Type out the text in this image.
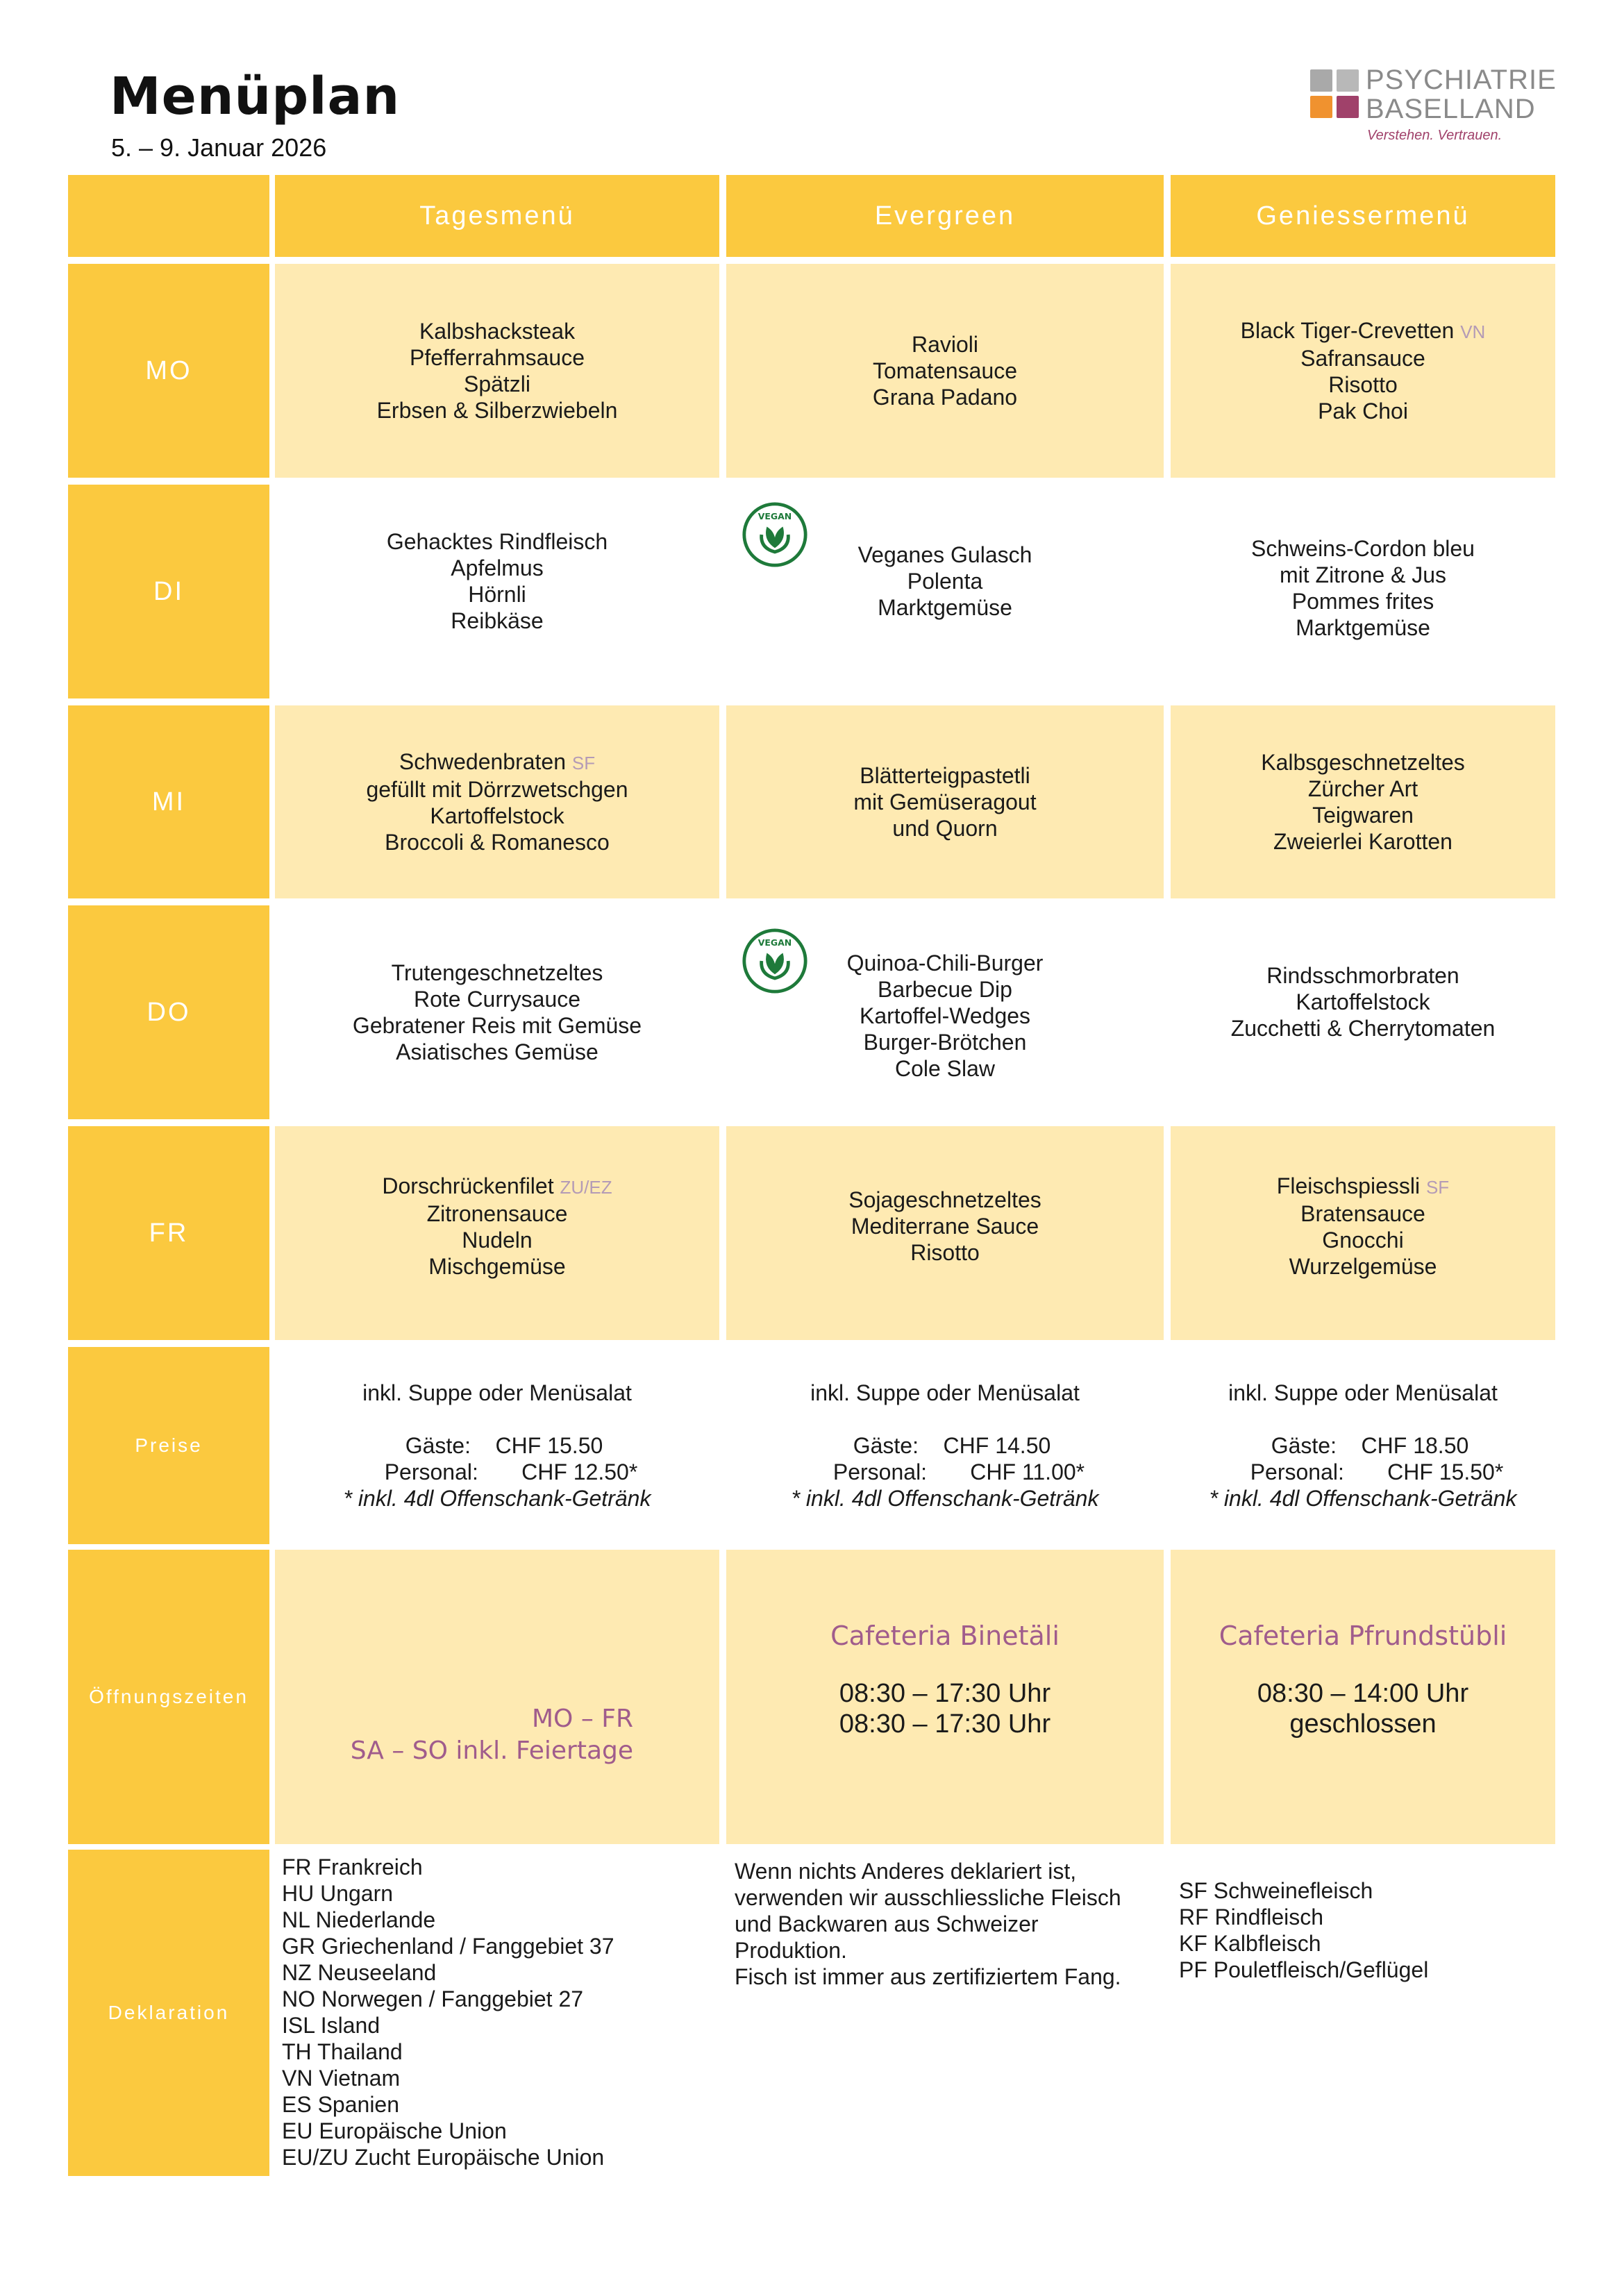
Menüplan
5. – 9. Januar 2026
PSYCHIATRIE
BASELLAND
Verstehen. Vertrauen.
Tagesmenü	Evergreen	Geniessermenü
MO
Kalbshacksteak
Pfefferrahmsauce
Spätzli
Erbsen & Silberzwiebeln
Ravioli
Tomatensauce
Grana Padano
Black Tiger-Crevetten VN
Safransauce
Risotto
Pak Choi
DI
Gehacktes Rindfleisch
Apfelmus
Hörnli
Reibkäse
Veganes Gulasch
Polenta
Marktgemüse
Schweins-Cordon bleu
mit Zitrone & Jus
Pommes frites
Marktgemüse
MI
Schwedenbraten SF
gefüllt mit Dörrzwetschgen
Kartoffelstock
Broccoli & Romanesco
Blätterteigpastetli
mit Gemüseragout
und Quorn
Kalbsgeschnetzeltes
Zürcher Art
Teigwaren
Zweierlei Karotten
DO
Trutengeschnetzeltes
Rote Currysauce
Gebratener Reis mit Gemüse
Asiatisches Gemüse
Quinoa-Chili-Burger
Barbecue Dip
Kartoffel-Wedges
Burger-Brötchen
Cole Slaw
Rindsschmorbraten
Kartoffelstock
Zucchetti & Cherrytomaten
FR
Dorschrückenfilet ZU/EZ
Zitronensauce
Nudeln
Mischgemüse
Sojageschnetzeltes
Mediterrane Sauce
Risotto
Fleischspiessli SF
Bratensauce
Gnocchi
Wurzelgemüse
Preise
inkl. Suppe oder Menüsalat
Gäste: CHF 15.50
Personal: CHF 12.50*
* inkl. 4dl Offenschank-Getränk
inkl. Suppe oder Menüsalat
Gäste: CHF 14.50
Personal: CHF 11.00*
* inkl. 4dl Offenschank-Getränk
inkl. Suppe oder Menüsalat
Gäste: CHF 18.50
Personal: CHF 15.50*
* inkl. 4dl Offenschank-Getränk
Öffnungszeiten
MO – FR
SA – SO inkl. Feiertage
Cafeteria Binetäli
08:30 – 17:30 Uhr
08:30 – 17:30 Uhr
Cafeteria Pfrundstübli
08:30 – 14:00 Uhr
geschlossen
Deklaration
FR Frankreich
HU Ungarn
NL Niederlande
GR Griechenland / Fanggebiet 37
NZ Neuseeland
NO Norwegen / Fanggebiet 27
ISL Island
TH Thailand
VN Vietnam
ES Spanien
EU Europäische Union
EU/ZU Zucht Europäische Union
Wenn nichts Anderes deklariert ist,
verwenden wir ausschliessliche Fleisch
und Backwaren aus Schweizer
Produktion.
Fisch ist immer aus zertifiziertem Fang.
SF Schweinefleisch
RF Rindfleisch
KF Kalbfleisch
PF Pouletfleisch/Geflügel
VEGAN
VEGAN
